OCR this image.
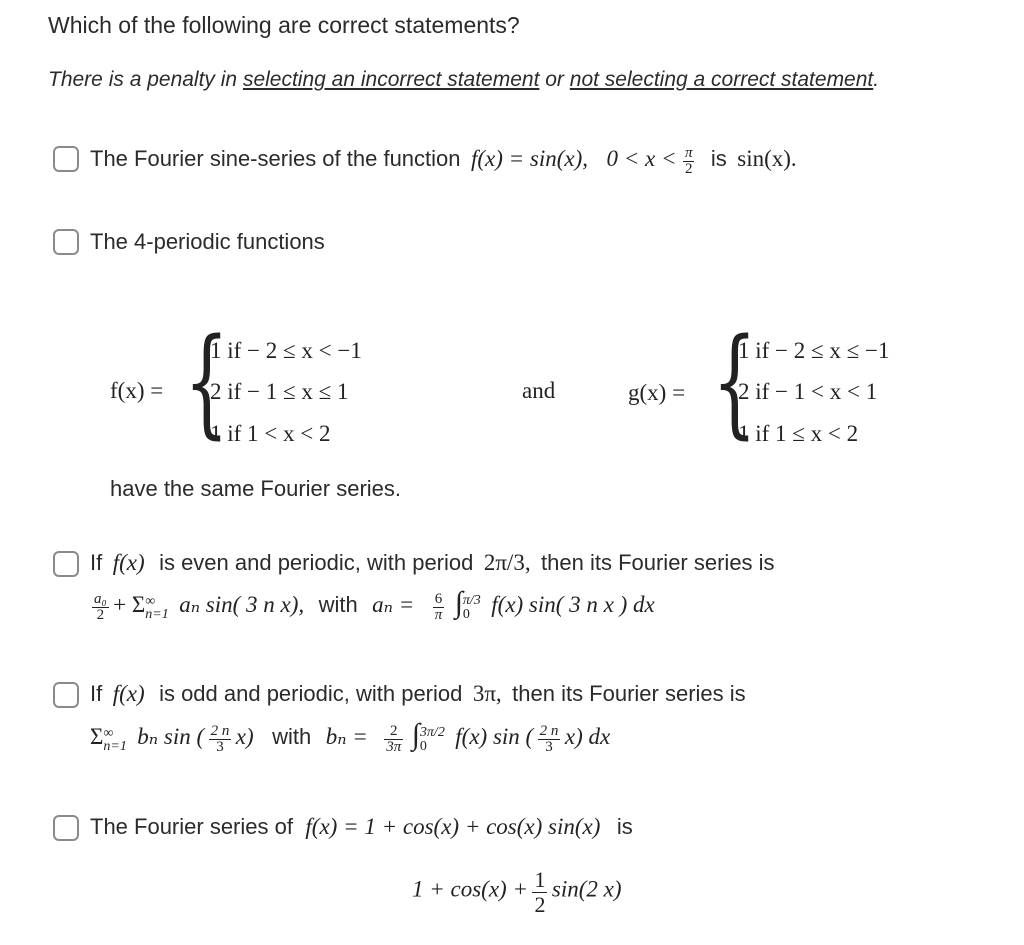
Which of the following are correct statements?
There is a penalty in selecting an incorrect statement or not selecting a correct statement.
The Fourier sine-series of the function f(x) = sin(x), $0 < x < \frac{\pi}{2}$ is sin(x).
The 4-periodic functions
f(x) = {
1 if − 2 ≤ x < −1
2 if − 1 ≤ x ≤ 1
1 if 1 < x < 2
and	g(x) = {
1 if − 2 ≤ x ≤ −1
2 if − 1 < x < 1
1 if 1 ≤ x < 2
have the same Fourier series.
If f(x) is even and periodic, with period 2π/3, then its Fourier series is
$\frac{\text{a₀}}{2} + \Sigma$ ∞
n=1 aₙ sin( 3 n x), with $a_n = \frac{6}{\pi}$ ∫ π/3
0 f(x) sin( 3 n x ) dx
If f(x) is odd and periodic, with period 3π, then its Fourier series is
Σ ∞
n=1 bₙ sin ( $\frac{2 n}{3} x$) with $b_n = \frac{2}{3\pi}$ ∫ 3π/2
0	f(x) sin ( $\frac{2 n}{3} x$) dx
The Fourier series of f(x) = 1 + cos(x) + cos(x) sin(x) is
$1 + \cos(x) + \frac{1}{2} \sin(2$ x)
